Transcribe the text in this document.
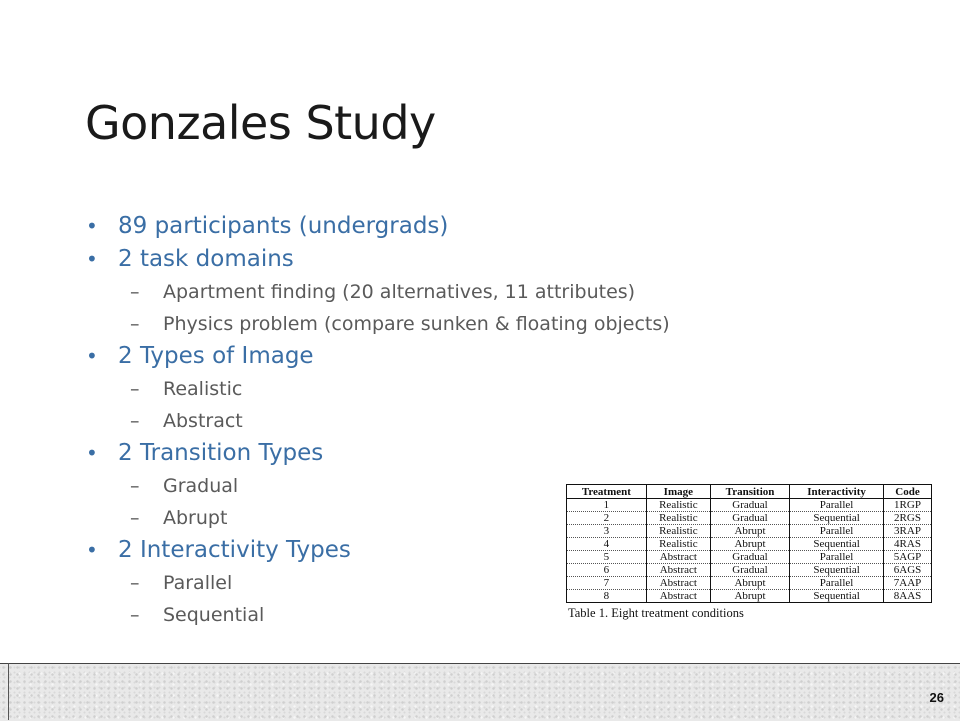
Gonzales Study
• 89 participants (undergrads)
• 2 task domains
– Apartment finding (20 alternatives, 11 attributes)
– Physics problem (compare sunken & floating objects)
• 2 Types of Image
– Realistic
– Abstract
• 2 Transition Types
– Gradual
– Abrupt
• 2 Interactivity Types
– Parallel
– Sequential
Treatment	Image	Transition	Interactivity	Code
1	Realistic	Gradual	Parallel	1RGP
2	Realistic	Gradual	Sequential	2RGS
3	Realistic	Abrupt	Parallel	3RAP
4	Realistic	Abrupt	Sequential	4RAS
5	Abstract	Gradual	Parallel	5AGP
6	Abstract	Gradual	Sequential	6AGS
7	Abstract	Abrupt	Parallel	7AAP
8	Abstract	Abrupt	Sequential	8AAS
Table 1. Eight treatment conditions
26
